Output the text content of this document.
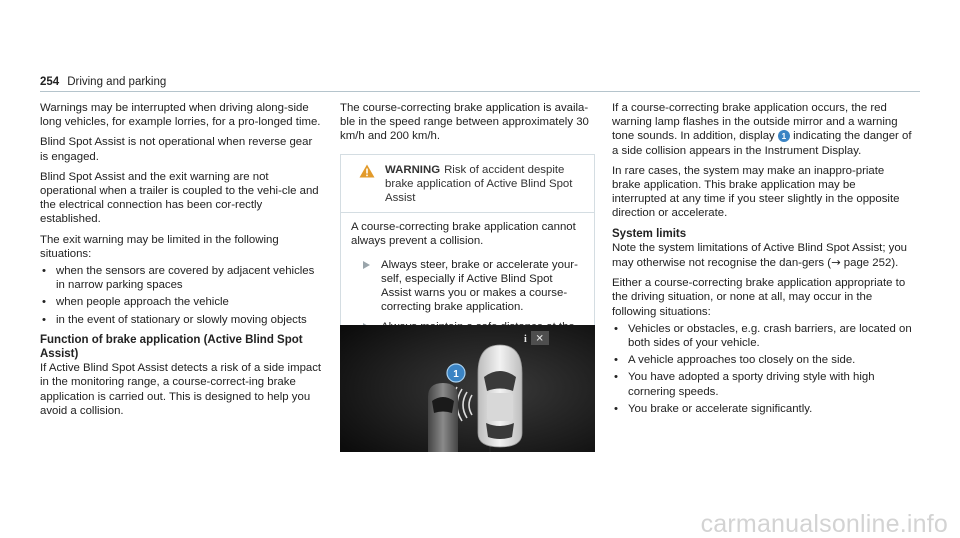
254 Driving and parking

Warnings may be interrupted when driving along-side long vehicles, for example lorries, for a pro-longed time.

Blind Spot Assist is not operational when reverse gear is engaged.

Blind Spot Assist and the exit warning are not operational when a trailer is coupled to the vehi-cle and the electrical connection has been cor-rectly established.

The exit warning may be limited in the following situations:

• when the sensors are covered by adjacent vehicles in narrow parking spaces
• when people approach the vehicle
• in the event of stationary or slowly moving objects
Function of brake application (Active Blind Spot Assist)

If Active Blind Spot Assist detects a risk of a side impact in the monitoring range, a course-correct-ing brake application is carried out. This is designed to help you avoid a collision.

The course-correcting brake application is availa-ble in the speed range between approximately 30 km/h and 200 km/h.

WARNING Risk of accident despite brake application of Active Blind Spot Assist

A course-correcting brake application cannot always prevent a collision.

Always steer, brake or accelerate your-self, especially if Active Blind Spot Assist warns you or makes a course-correcting brake application.
i ✕
1

If a course-correcting brake application occurs, the red warning lamp flashes in the outside mirror and a warning tone sounds. In addition, display 1 indicating the danger of a side collision appears in the Instrument Display.

In rare cases, the system may make an inappro-priate brake application. This brake application may be interrupted at any time if you steer slightly in the opposite direction or accelerate.

System limits

Note the system limitations of Active Blind Spot Assist; you may otherwise not recognise the dan-gers (→ page 252).

Either a course-correcting brake application appropriate to the driving situation, or none at all, may occur in the following situations:

• Vehicles or obstacles, e.g. crash barriers, are located on both sides of your vehicle.
• A vehicle approaches too closely on the side.
• You have adopted a sporty driving style with high cornering speeds.
• You brake or accelerate significantly.
carmanualsonline.info
